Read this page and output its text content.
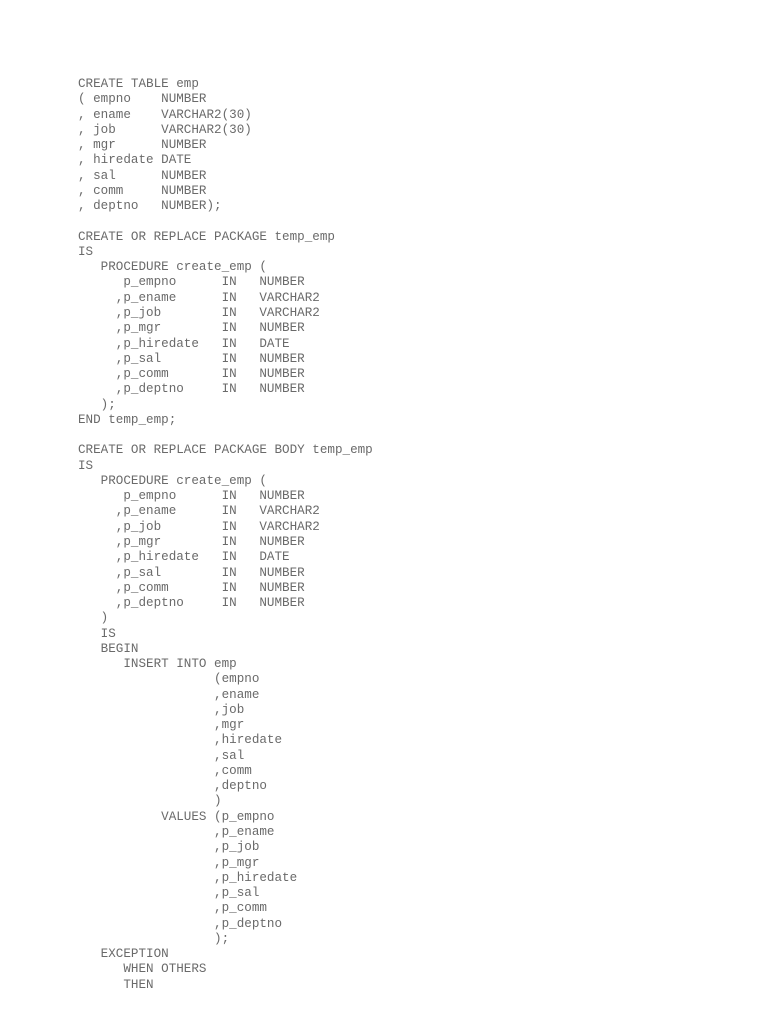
CREATE TABLE emp
( empno    NUMBER
, ename    VARCHAR2(30)
, job      VARCHAR2(30)
, mgr      NUMBER
, hiredate DATE
, sal      NUMBER
, comm     NUMBER
, deptno   NUMBER);
CREATE OR REPLACE PACKAGE temp_emp
IS
PROCEDURE create_emp (
p_empno      IN   NUMBER
,p_ename      IN   VARCHAR2
,p_job        IN   VARCHAR2
,p_mgr        IN   NUMBER
,p_hiredate   IN   DATE
,p_sal        IN   NUMBER
,p_comm       IN   NUMBER
,p_deptno     IN   NUMBER
);
END temp_emp;
CREATE OR REPLACE PACKAGE BODY temp_emp
IS
PROCEDURE create_emp (
p_empno      IN   NUMBER
,p_ename      IN   VARCHAR2
,p_job        IN   VARCHAR2
,p_mgr        IN   NUMBER
,p_hiredate   IN   DATE
,p_sal        IN   NUMBER
,p_comm       IN   NUMBER
,p_deptno     IN   NUMBER
)
IS
BEGIN
INSERT INTO emp
(empno
,ename
,job
,mgr
,hiredate
,sal
,comm
,deptno
)
VALUES (p_empno
,p_ename
,p_job
,p_mgr
,p_hiredate
,p_sal
,p_comm
,p_deptno
);
EXCEPTION
WHEN OTHERS
THEN
